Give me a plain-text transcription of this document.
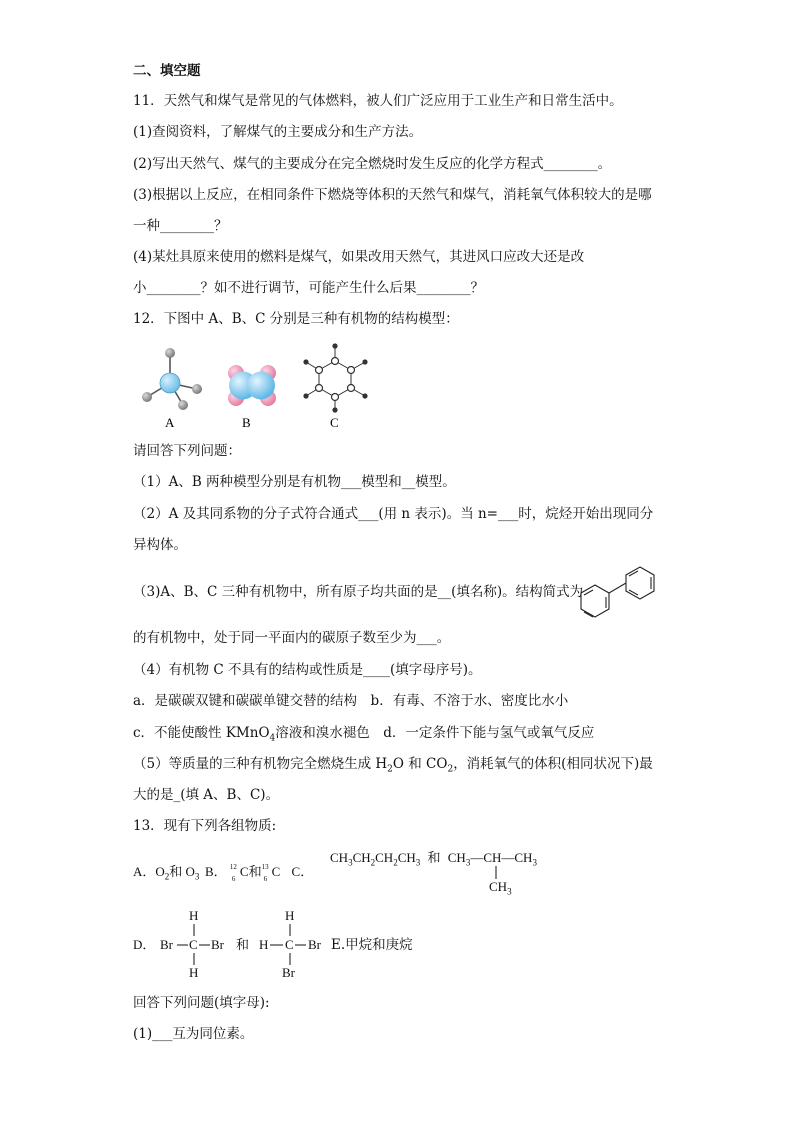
二、填空题
11．天然气和煤气是常见的气体燃料，被人们广泛应用于工业生产和日常生活中。
(1)查阅资料，了解煤气的主要成分和生产方法。
(2)写出天然气、煤气的主要成分在完全燃烧时发生反应的化学方程式________。
(3)根据以上反应，在相同条件下燃烧等体积的天然气和煤气，消耗氧气体积较大的是哪
一种________？
(4)某灶具原来使用的燃料是煤气，如果改用天然气，其进风口应改大还是改
小________？如不进行调节，可能产生什么后果________？
12．下图中 A、B、C 分别是三种有机物的结构模型：
A	B	C
请回答下列问题：
（1）A、B 两种模型分别是有机物___模型和__模型。
（2）A 及其同系物的分子式符合通式___(用 n 表示)。当 n=___时，烷烃开始出现同分
异构体。
（3)A、B、C 三种有机物中，所有原子均共面的是__(填名称)。结构简式为
的有机物中，处于同一平面内的碳原子数至少为___。
（4）有机物 C 不具有的结构或性质是____(填字母序号)。
a．是碳碳双键和碳碳单键交替的结构　b．有毒、不溶于水、密度比水小
c．不能使酸性 KMnO$_4$溶液和溴水褪色　d．一定条件下能与氢气或氧气反应
（5）等质量的三种有机物完全燃烧生成 $H_2O$ 和 $CO_2$，消耗氧气的体积(相同状况下)最
大的是_(填 A、B、C)。
13．现有下列各组物质:
A．$O_2$和 $O_3$ B． 12
6 C和 13
6 C C．
$CH_3CH_2CH_2CH_3$ 和 $CH_3—CH—CH_3$
$CH_3$
D． Br C Br
H
H
和 H C Br
H
Br
E.甲烷和庚烷
回答下列问题(填字母):
(1)___互为同位素。
